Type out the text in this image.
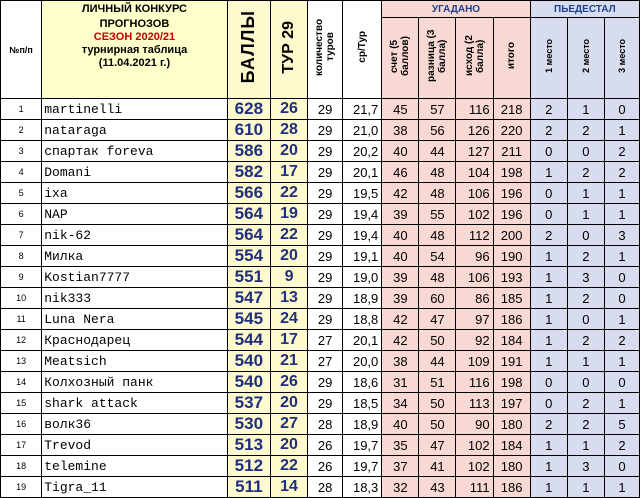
№п/п	ЛИЧНЫЙ КОНКУРС
ПРОГНОЗОВ
СЕЗОН 2020/21
турнирная таблица
(11.04.2021 г.)	БАЛЛЫ	ТУР 29	количество туров	ср/Тур	УГАДАНО				ПЬЕДЕСТАЛ		
						счет (5 баллов)	разница (3 балла)	исход (2 балла)	итого	1 место	2 место	3 место
1	martinelli	628	26	29	21,7	45	57	116	218	2	1	0
2	nataraga	610	28	29	21,0	38	56	126	220	2	2	1
3	спартак foreva	586	20	29	20,2	40	44	127	211	0	0	2
4	Domani	582	17	29	20,1	46	48	104	198	1	2	2
5	ixa	566	22	29	19,5	42	48	106	196	0	1	1
6	NAP	564	19	29	19,4	39	55	102	196	0	1	1
7	nik-62	564	22	29	19,4	40	48	112	200	2	0	3
8	Милка	554	20	29	19,1	40	54	96	190	1	2	1
9	Kostian7777	551	9	29	19,0	39	48	106	193	1	3	0
10	nik333	547	13	29	18,9	39	60	86	185	1	2	0
11	Luna Nera	545	24	29	18,8	42	47	97	186	1	0	1
12	Краснодарец	544	17	27	20,1	42	50	92	184	1	2	2
13	Meatsich	540	21	27	20,0	38	44	109	191	1	1	1
14	Колхозный панк	540	26	29	18,6	31	51	116	198	0	0	0
15	shark attack	537	20	29	18,5	34	50	113	197	0	2	1
16	волк36	530	27	28	18,9	40	50	90	180	2	2	5
17	Trevod	513	20	26	19,7	35	47	102	184	1	1	2
18	telemine	512	22	26	19,7	37	41	102	180	1	3	0
19	Tigra_11	511	14	28	18,3	32	43	111	186	1	1	1
